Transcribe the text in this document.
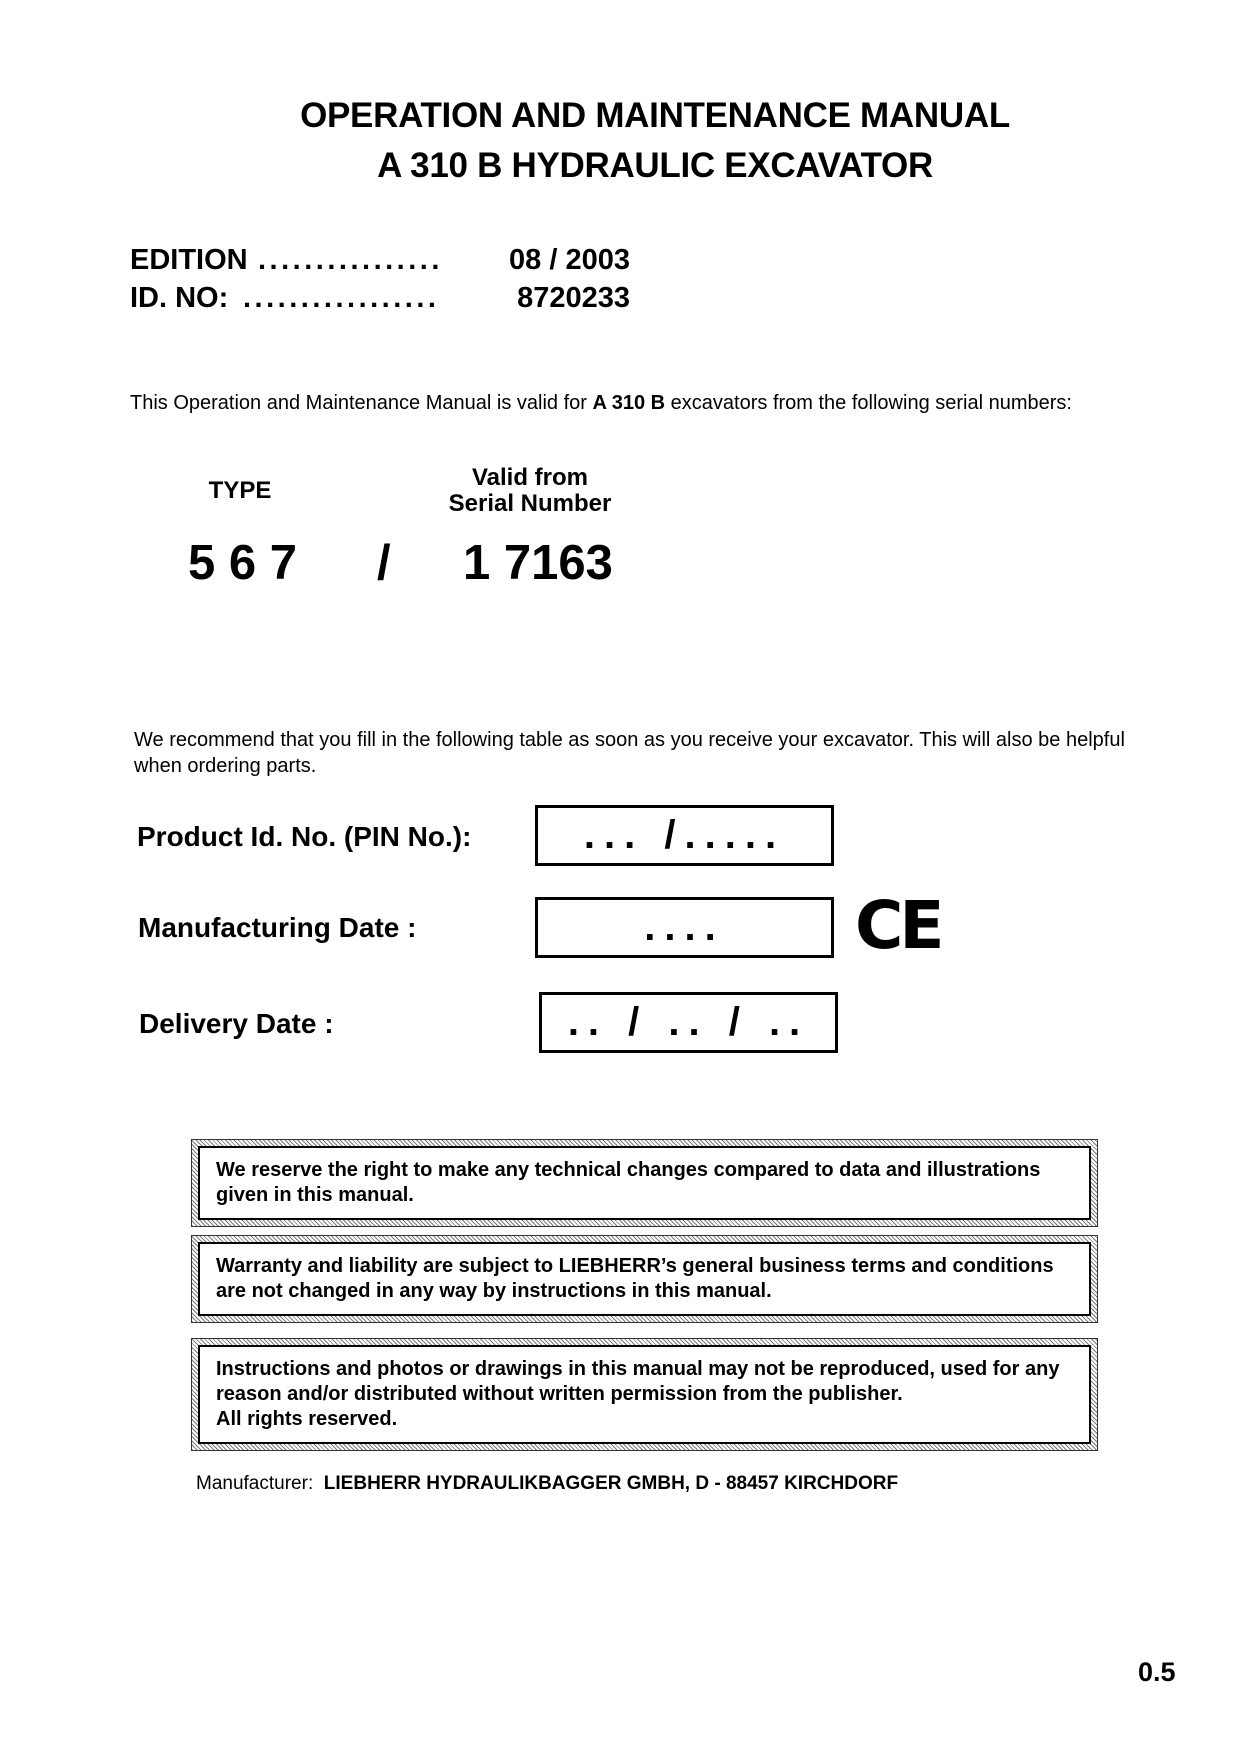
OPERATION AND MAINTENANCE MANUAL
A 310 B HYDRAULIC EXCAVATOR
EDITION ................	08 / 2003
ID. NO: .................	8720233
This Operation and Maintenance Manual is valid for A 310 B excavators from the following serial numbers:
TYPE	Valid from
Serial Number
5 6 7 / 1 7163
We recommend that you fill in the following table as soon as you receive your excavator. This will also be helpful when ordering parts.
Product Id. No. (PIN No.):	... /.....
Manufacturing Date :	....	CE
Delivery Date :	.. / .. / ..
We reserve the right to make any technical changes compared to data and illustrations given in this manual.
Warranty and liability are subject to LIEBHERR’s general business terms and conditions are not changed in any way by instructions in this manual.
Instructions and photos or drawings in this manual may not be reproduced, used for any reason and/or distributed without written permission from the publisher.
All rights reserved.
Manufacturer: LIEBHERR HYDRAULIKBAGGER GMBH, D - 88457 KIRCHDORF
0.5
